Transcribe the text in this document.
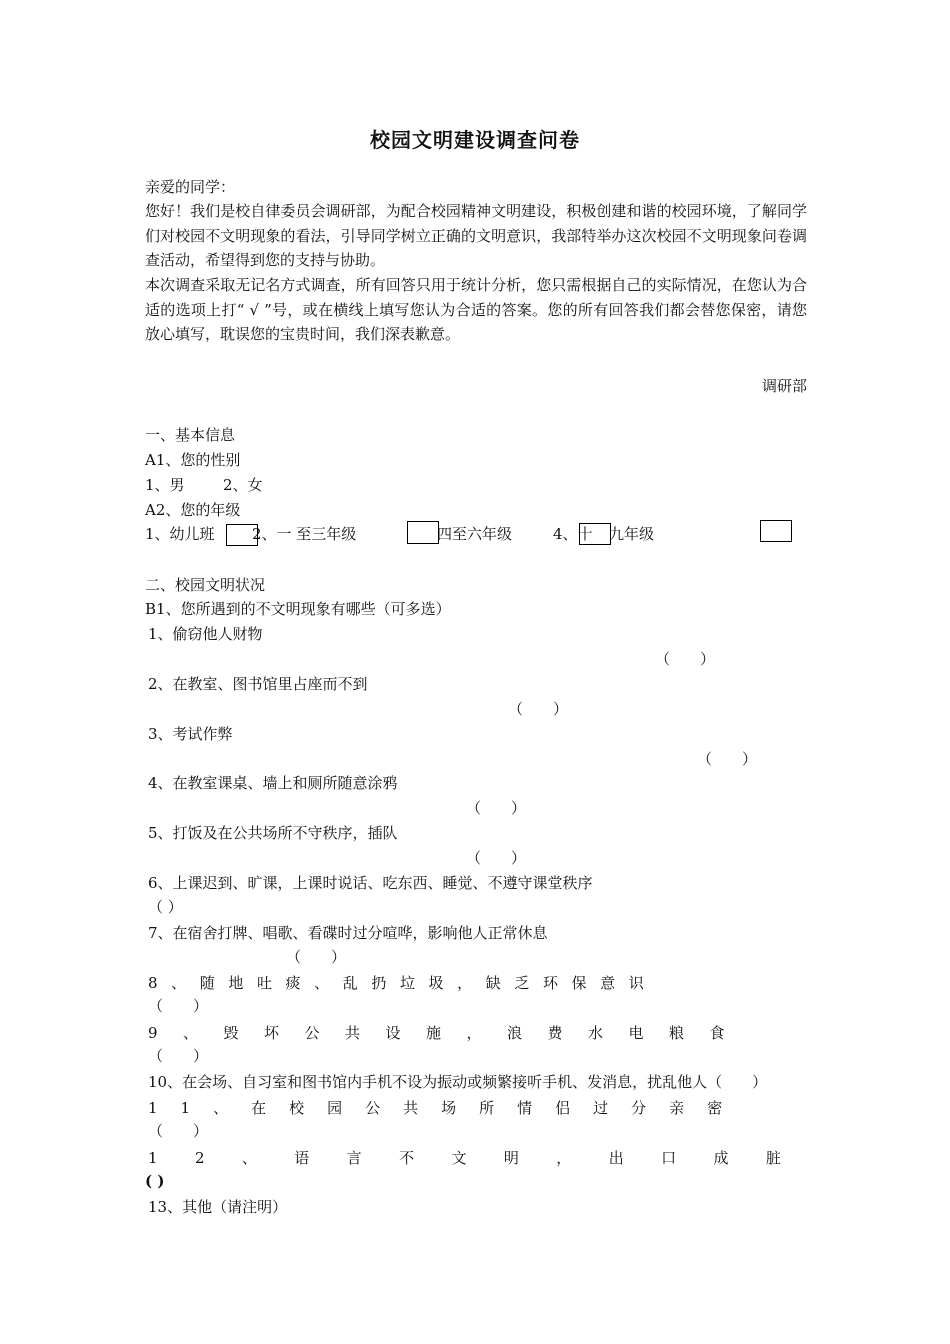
校园文明建设调查问卷
亲爱的同学：
您好！我们是校自律委员会调研部，为配合校园精神文明建设，积极创建和谐的校园环境，了解同学们对校园不文明现象的看法，引导同学树立正确的文明意识，我部特举办这次校园不文明现象问卷调查活动，希望得到您的支持与协助。
本次调查采取无记名方式调查，所有回答只用于统计分析，您只需根据自己的实际情况，在您认为合适的选项上打“ √ ”号，或在横线上填写您认为合适的答案。您的所有回答我们都会替您保密，请您放心填写，耽误您的宝贵时间，我们深表歉意。
调研部
一、基本信息
A1、您的性别
1、男	2、女
A2、您的年级
1、幼儿班 2、一 至三年级	四至六年级	4、十 九年级
二、校园文明状况
B1、您所遇到的不文明现象有哪些（可多选）
1、偷窃他人财物
（　　）
2、在教室、图书馆里占座而不到
（　　）
3、考试作弊
（　　）
4、在教室课桌、墙上和厕所随意涂鸦
（　　）
5、打饭及在公共场所不守秩序，插队
（　　）
6、上课迟到、旷课，上课时说话、吃东西、睡觉、不遵守课堂秩序
（ ）
7、在宿舍打牌、唱歌、看碟时过分喧哗，影响他人正常休息
（　　）
8、随地吐痰、乱扔垃圾，缺乏环保意识
（　　）
9、毁坏公共设施，浪费水电粮食
（　　）
10、在会场、自习室和图书馆内手机不设为振动或频繁接听手机、发消息，扰乱他人（　　）
11、在校园公共场所情侣过分亲密
（　　）
12、语言不文明，出口成脏
( )
13、其他（请注明）
